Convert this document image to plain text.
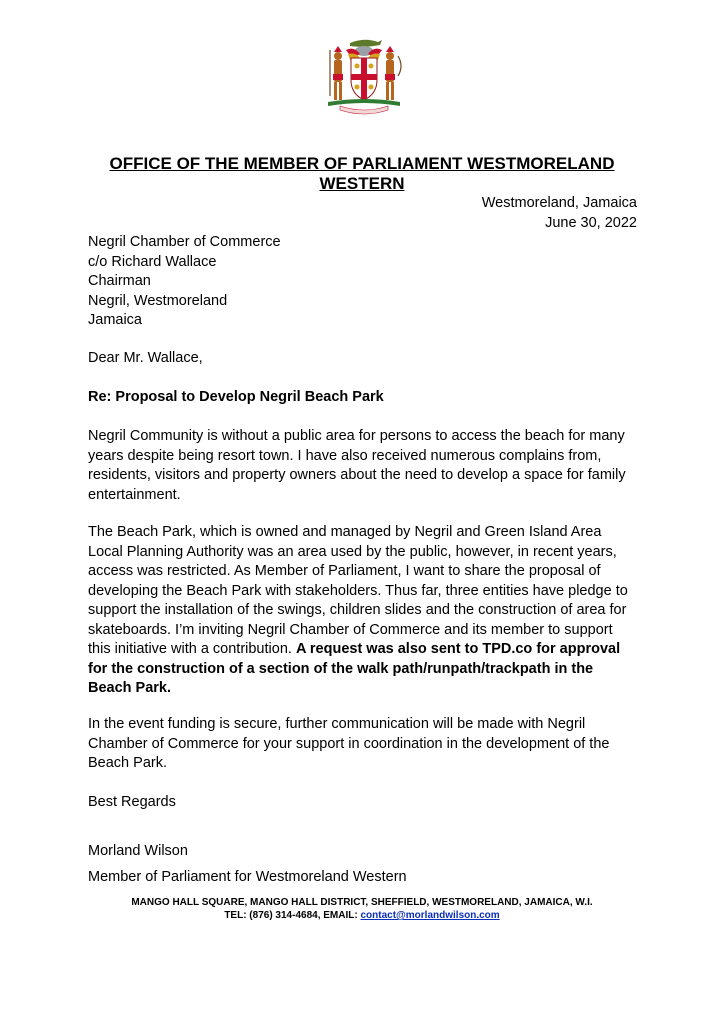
OFFICE OF THE MEMBER OF PARLIAMENT WESTMORELAND WESTERN
Westmoreland, Jamaica
June 30, 2022
Negril Chamber of Commerce
c/o Richard Wallace
Chairman
Negril, Westmoreland
Jamaica
Dear Mr. Wallace,
Re: Proposal to Develop Negril Beach Park
Negril Community is without a public area for persons to access the beach for many years despite being resort town. I have also received numerous complains from, residents, visitors and property owners about the need to develop a space for family entertainment.
The Beach Park, which is owned and managed by Negril and Green Island Area Local Planning Authority was an area used by the public, however, in recent years, access was restricted. As Member of Parliament, I want to share the proposal of developing the Beach Park with stakeholders. Thus far, three entities have pledge to support the installation of the swings, children slides and the construction of area for skateboards. I’m inviting Negril Chamber of Commerce and its member to support this initiative with a contribution. A request was also sent to TPD.co for approval for the construction of a section of the walk path/runpath/trackpath in the Beach Park.
In the event funding is secure, further communication will be made with Negril Chamber of Commerce for your support in coordination in the development of the Beach Park.
Best Regards
Morland Wilson
Member of Parliament for Westmoreland Western
MANGO HALL SQUARE, MANGO HALL DISTRICT, SHEFFIELD, WESTMORELAND, JAMAICA, W.I.
TEL: (876) 314-4684, EMAIL: contact@morlandwilson.com
